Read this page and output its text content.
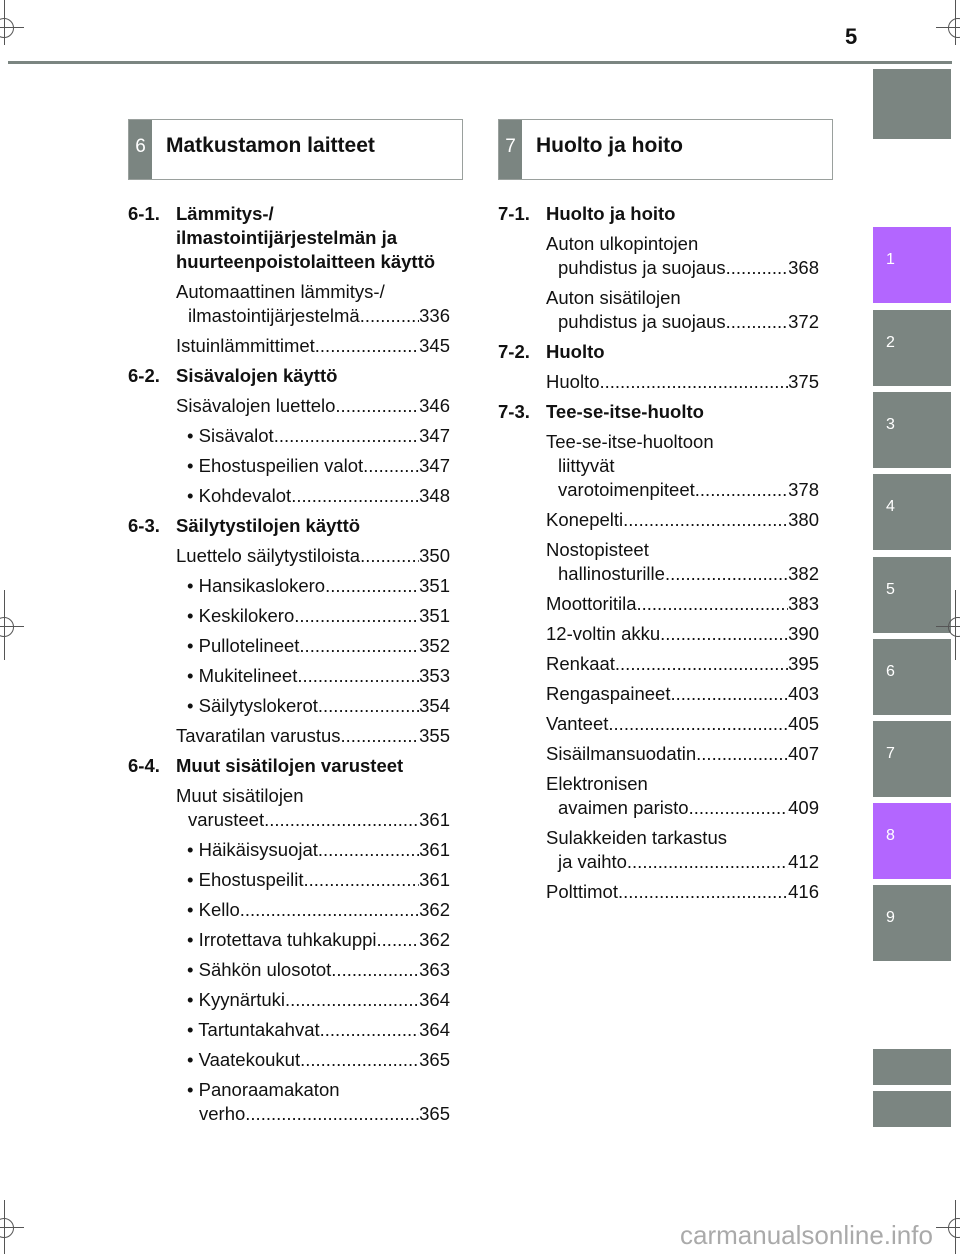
5
1
2
3
4
5
6
7
8
9
6 Matkustamon laitteet	7 Huolto ja hoito
6-1. Lämmitys-/ ilmastointijärjestelmän ja huurteenpoistolaitteen käyttö
Automaattinen lämmitys-/
ilmastointijärjestelmä .....	336
Istuinlämmittimet .....	345
6-2. Sisävalojen käyttö
Sisävalojen luettelo .....	346
• Sisävalot .....	347
• Ehostuspeilien valot .....	347
• Kohdevalot .....	348
6-3. Säilytystilojen käyttö
Luettelo säilytystiloista .....	350
• Hansikaslokero .....	351
• Keskilokero .....	351
• Pullotelineet .....	352
• Mukitelineet .....	353
• Säilytyslokerot .....	354
Tavaratilan varustus .....	355
6-4. Muut sisätilojen varusteet
Muut sisätilojen
varusteet .....	361
• Häikäisysuojat .....	361
• Ehostuspeilit .....	361
• Kello .....	362
• Irrotettava tuhkakuppi ..... 362
• Sähkön ulosotot .....	363
• Kyynärtuki .....	364
• Tartuntakahvat .....	364
• Vaatekoukut .....	365
• Panoraamakaton
verho .....	365
7-1. Huolto ja hoito
Auton ulkopintojen
puhdistus ja suojaus .....	368
Auton sisätilojen
puhdistus ja suojaus .....	372
7-2. Huolto
Huolto .....	375
7-3. Tee-se-itse-huolto
Tee-se-itse-huoltoon
liittyvät
varotoimenpiteet .....	378
Konepelti .....	380
Nostopisteet
hallinosturille .....	382
Moottoritila .....	383
12-voltin akku .....	390
Renkaat .....	395
Rengaspaineet .....	403
Vanteet .....	405
Sisäilmansuodatin .....	407
Elektronisen
avaimen paristo .....	409
Sulakkeiden tarkastus
ja vaihto .....	412
Polttimot .....	416
carmanualsonline.info
